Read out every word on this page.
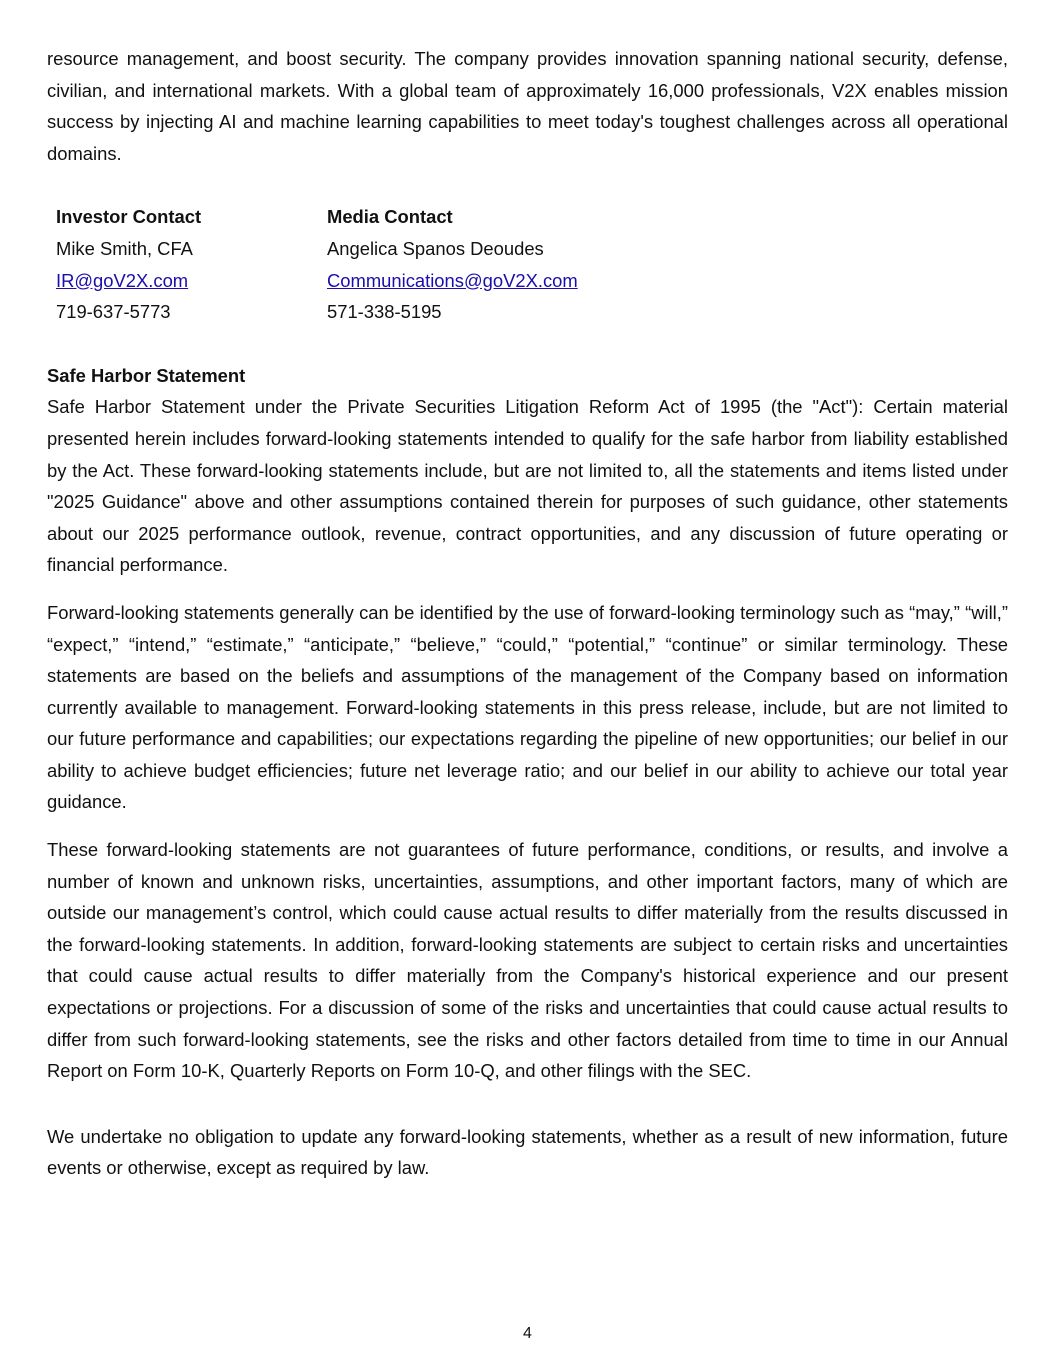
resource management, and boost security. The company provides innovation spanning national security, defense, civilian, and international markets. With a global team of approximately 16,000 professionals, V2X enables mission success by injecting AI and machine learning capabilities to meet today's toughest challenges across all operational domains.

Investor Contact
Mike Smith, CFA
IR@goV2X.com
719-637-5773
Media Contact
Angelica Spanos Deoudes
Communications@goV2X.com
571-338-5195

Safe Harbor Statement

Safe Harbor Statement under the Private Securities Litigation Reform Act of 1995 (the "Act"): Certain material presented herein includes forward-looking statements intended to qualify for the safe harbor from liability established by the Act. These forward-looking statements include, but are not limited to, all the statements and items listed under "2025 Guidance" above and other assumptions contained therein for purposes of such guidance, other statements about our 2025 performance outlook, revenue, contract opportunities, and any discussion of future operating or financial performance.

Forward-looking statements generally can be identified by the use of forward-looking terminology such as “may,” “will,” “expect,” “intend,” “estimate,” “anticipate,” “believe,” “could,” “potential,” “continue” or similar terminology. These statements are based on the beliefs and assumptions of the management of the Company based on information currently available to management. Forward-looking statements in this press release, include, but are not limited to our future performance and capabilities; our expectations regarding the pipeline of new opportunities; our belief in our ability to achieve budget efficiencies; future net leverage ratio; and our belief in our ability to achieve our total year guidance.

These forward-looking statements are not guarantees of future performance, conditions, or results, and involve a number of known and unknown risks, uncertainties, assumptions, and other important factors, many of which are outside our management’s control, which could cause actual results to differ materially from the results discussed in the forward-looking statements. In addition, forward-looking statements are subject to certain risks and uncertainties that could cause actual results to differ materially from the Company's historical experience and our present expectations or projections. For a discussion of some of the risks and uncertainties that could cause actual results to differ from such forward-looking statements, see the risks and other factors detailed from time to time in our Annual Report on Form 10-K, Quarterly Reports on Form 10-Q, and other filings with the SEC.

We undertake no obligation to update any forward-looking statements, whether as a result of new information, future events or otherwise, except as required by law.

4
